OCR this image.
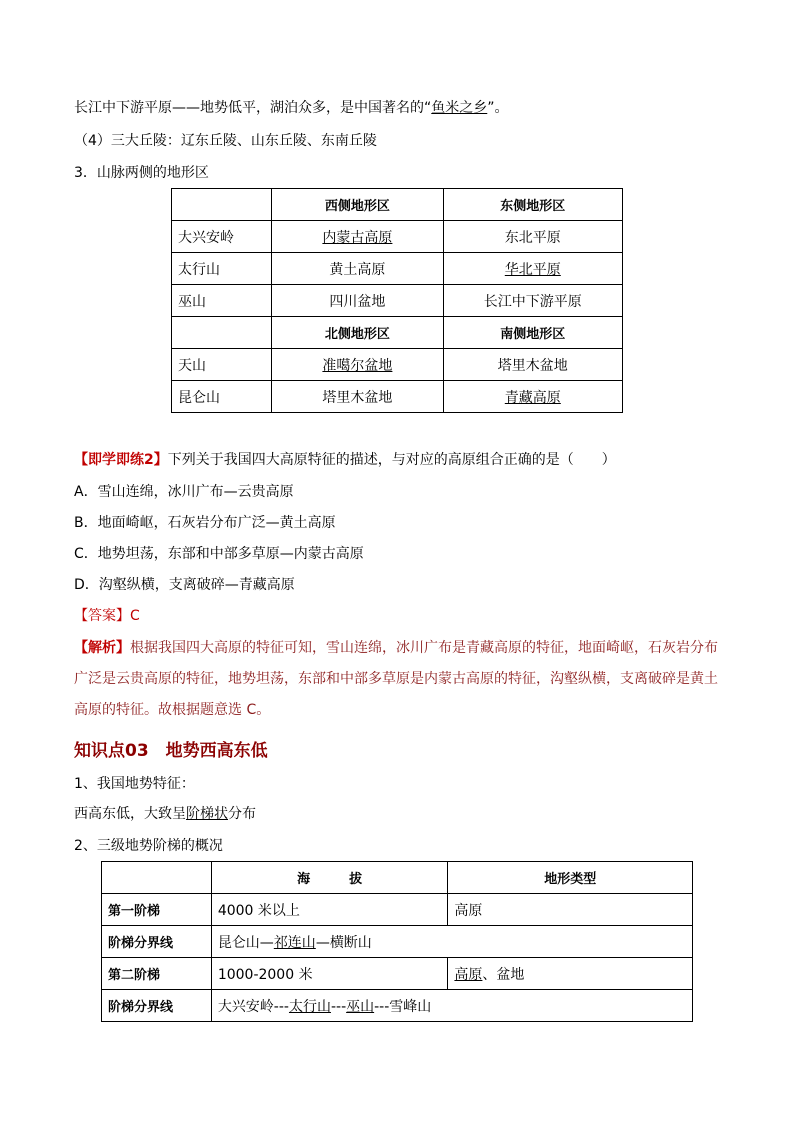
长江中下游平原——地势低平，湖泊众多，是中国著名的“鱼米之乡”。
（4）三大丘陵：辽东丘陵、山东丘陵、东南丘陵
3．山脉两侧的地形区
	西侧地形区	东侧地形区
大兴安岭	内蒙古高原	东北平原
太行山	黄土高原	华北平原
巫山	四川盆地	长江中下游平原
	北侧地形区	南侧地形区
天山	准噶尔盆地	塔里木盆地
昆仑山	塔里木盆地	青藏高原
【即学即练2】下列关于我国四大高原特征的描述，与对应的高原组合正确的是（　　）
A．雪山连绵，冰川广布—云贵高原
B．地面崎岖，石灰岩分布广泛—黄土高原
C．地势坦荡，东部和中部多草原—内蒙古高原
D．沟壑纵横，支离破碎—青藏高原
【答案】C
【解析】根据我国四大高原的特征可知，雪山连绵，冰川广布是青藏高原的特征，地面崎岖，石灰岩分布
广泛是云贵高原的特征，地势坦荡，东部和中部多草原是内蒙古高原的特征，沟壑纵横，支离破碎是黄土
高原的特征。故根据题意选 C。
知识点03　地势西高东低
1、我国地势特征：
西高东低，大致呈阶梯状分布
2、三级地势阶梯的概况
	海　　　拔	地形类型
第一阶梯	4000 米以上	高原
阶梯分界线	昆仑山—祁连山—横断山	
第二阶梯	1000-2000 米	高原、盆地
阶梯分界线	大兴安岭---太行山---巫山---雪峰山	
